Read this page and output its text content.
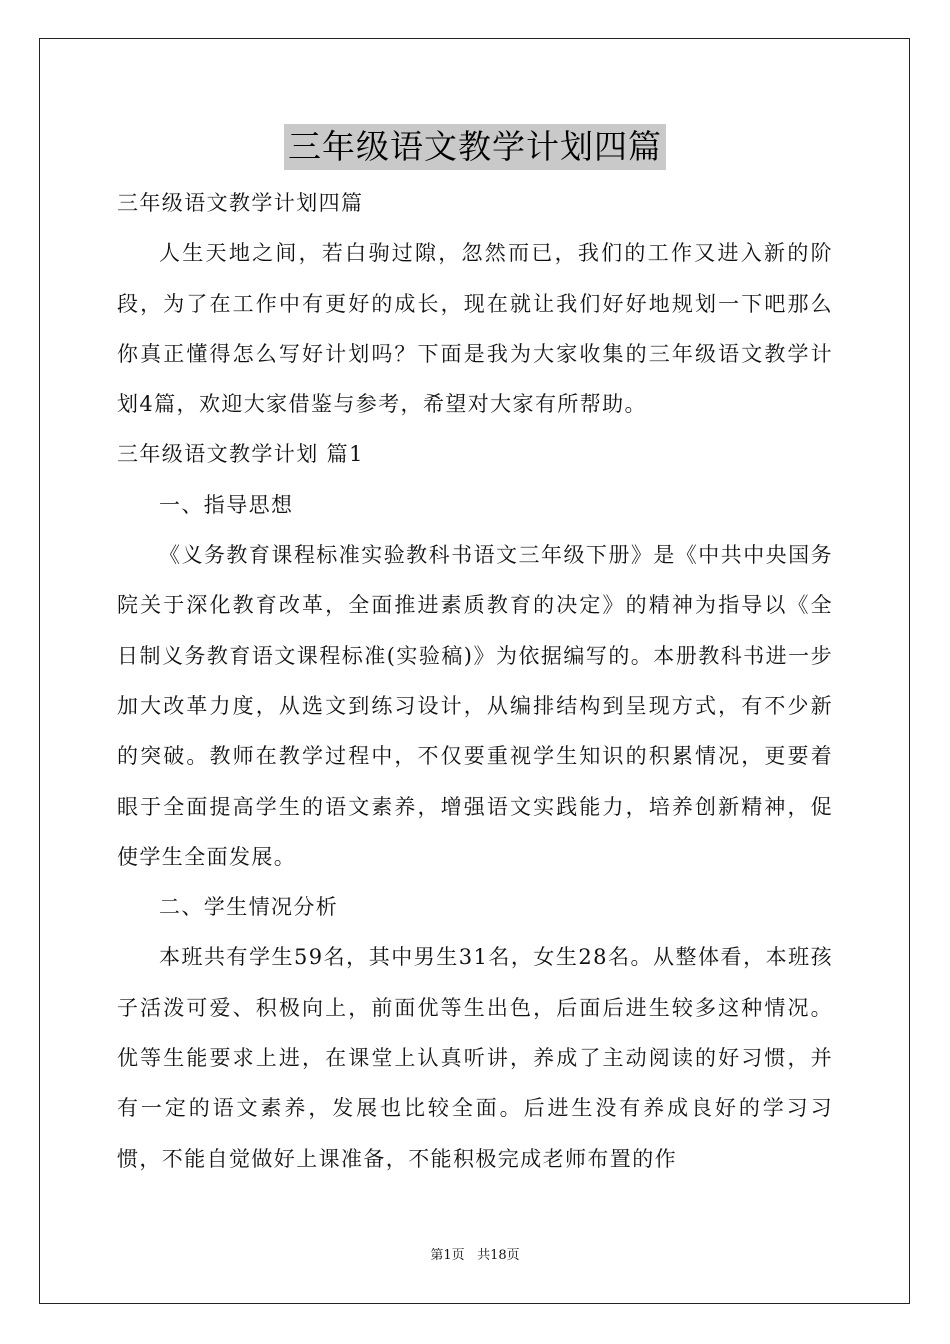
三年级语文教学计划四篇

三年级语文教学计划四篇

人生天地之间，若白驹过隙，忽然而已，我们的工作又进入新的阶段，为了在工作中有更好的成长，现在就让我们好好地规划一下吧那么你真正懂得怎么写好计划吗？下面是我为大家收集的三年级语文教学计划4篇，欢迎大家借鉴与参考，希望对大家有所帮助。

三年级语文教学计划 篇1

一、指导思想

《义务教育课程标准实验教科书语文三年级下册》是《中共中央国务院关于深化教育改革，全面推进素质教育的决定》的精神为指导以《全日制义务教育语文课程标准(实验稿)》为依据编写的。本册教科书进一步加大改革力度，从选文到练习设计，从编排结构到呈现方式，有不少新的突破。教师在教学过程中，不仅要重视学生知识的积累情况，更要着眼于全面提高学生的语文素养，增强语文实践能力，培养创新精神，促使学生全面发展。

二、学生情况分析

本班共有学生59名，其中男生31名，女生28名。从整体看，本班孩子活泼可爱、积极向上，前面优等生出色，后面后进生较多这种情况。优等生能要求上进，在课堂上认真听讲，养成了主动阅读的好习惯，并有一定的语文素养，发展也比较全面。后进生没有养成良好的学习习惯，不能自觉做好上课准备，不能积极完成老师布置的作

第1页 共18页
